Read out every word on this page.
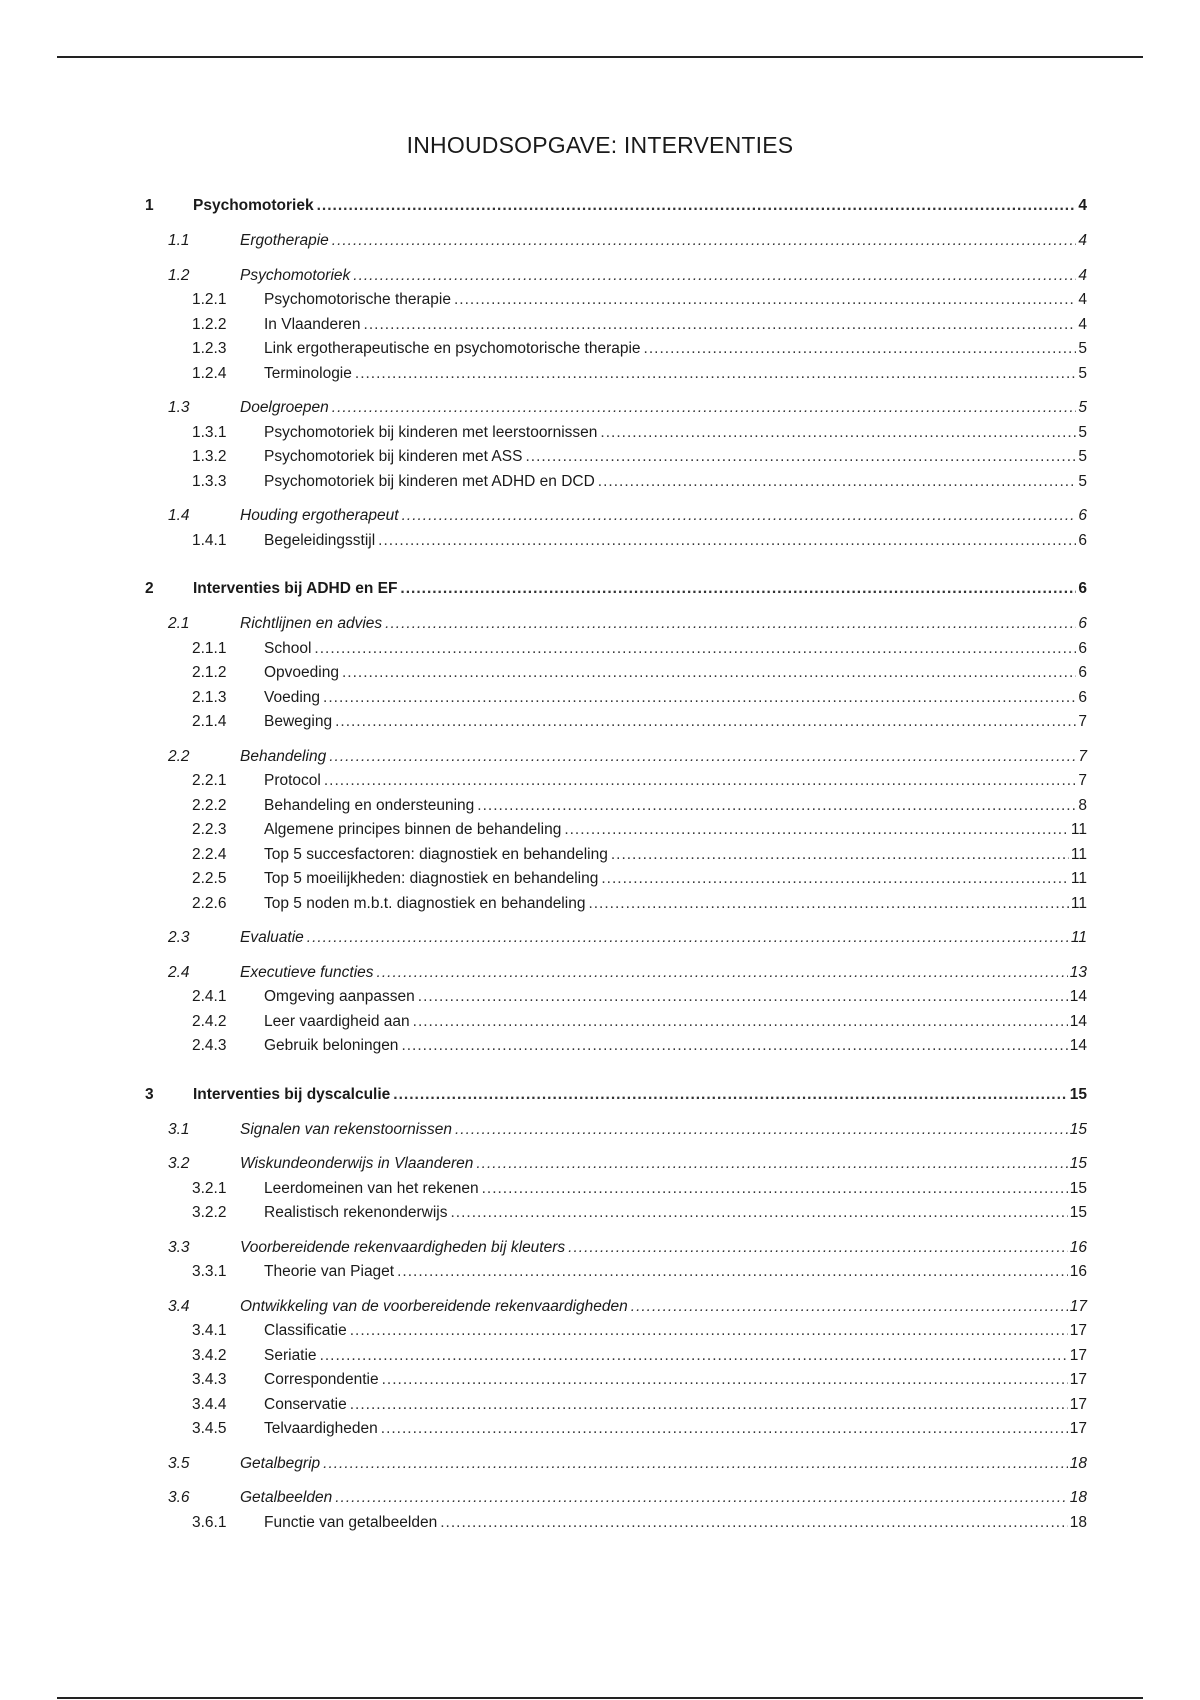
INHOUDSOPGAVE: INTERVENTIES
1	Psychomotoriek .....	4
1.1	Ergotherapie .....	4
1.2	Psychomotoriek .....	4
1.2.1 Psychomotorische therapie .....	4
1.2.2 In Vlaanderen .....	4
1.2.3 Link ergotherapeutische en psychomotorische therapie .....	5
1.2.4 Terminologie .....	5
1.3	Doelgroepen .....	5
1.3.1 Psychomotoriek bij kinderen met leerstoornissen .....	5
1.3.2 Psychomotoriek bij kinderen met ASS .....	5
1.3.3 Psychomotoriek bij kinderen met ADHD en DCD .....	5
1.4	Houding ergotherapeut .....	6
1.4.1 Begeleidingsstijl .....	6
2	Interventies bij ADHD en EF .....	6
2.1	Richtlijnen en advies .....	6
2.1.1 School .....	6
2.1.2 Opvoeding .....	6
2.1.3 Voeding .....	6
2.1.4 Beweging .....	7
2.2	Behandeling .....	7
2.2.1 Protocol .....	7
2.2.2 Behandeling en ondersteuning .....	8
2.2.3 Algemene principes binnen de behandeling .....	11
2.2.4 Top 5 succesfactoren: diagnostiek en behandeling .....	11
2.2.5 Top 5 moeilijkheden: diagnostiek en behandeling .....	11
2.2.6 Top 5 noden m.b.t. diagnostiek en behandeling .....	11
2.3	Evaluatie .....	11
2.4	Executieve functies .....	13
2.4.1 Omgeving aanpassen .....	14
2.4.2 Leer vaardigheid aan .....	14
2.4.3 Gebruik beloningen .....	14
3	Interventies bij dyscalculie .....	15
3.1	Signalen van rekenstoornissen .....	15
3.2	Wiskundeonderwijs in Vlaanderen .....	15
3.2.1 Leerdomeinen van het rekenen .....	15
3.2.2 Realistisch rekenonderwijs .....	15
3.3	Voorbereidende rekenvaardigheden bij kleuters .....	16
3.3.1 Theorie van Piaget .....	16
3.4	Ontwikkeling van de voorbereidende rekenvaardigheden .....	17
3.4.1 Classificatie .....	17
3.4.2 Seriatie .....	17
3.4.3 Correspondentie .....	17
3.4.4 Conservatie .....	17
3.4.5 Telvaardigheden .....	17
3.5	Getalbegrip .....	18
3.6	Getalbeelden .....	18
3.6.1 Functie van getalbeelden .....	18
